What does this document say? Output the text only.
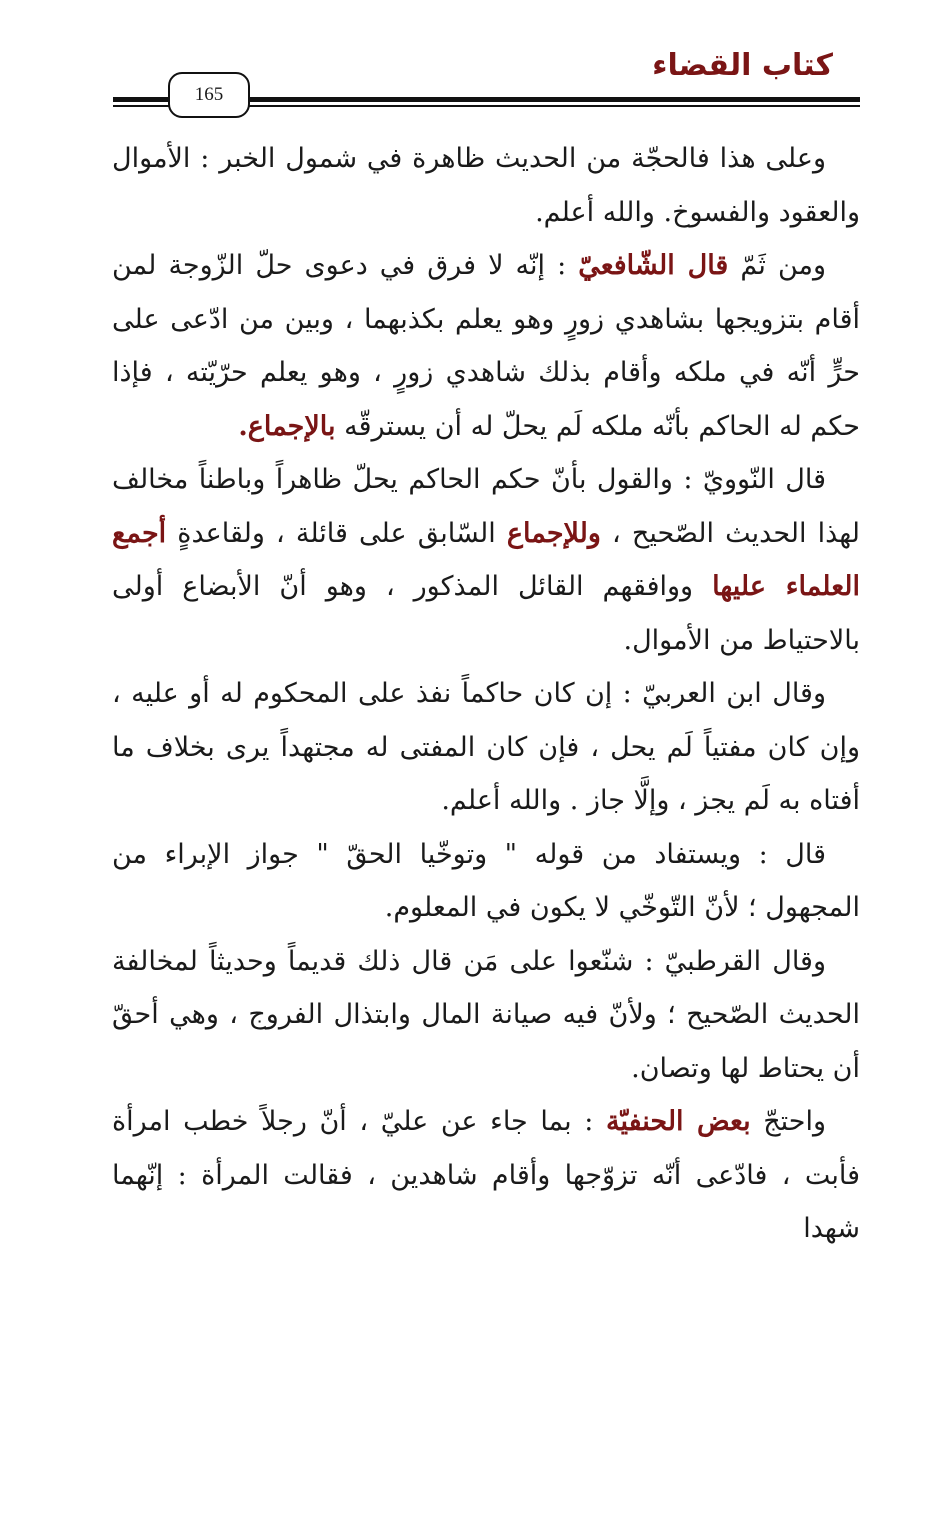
كتاب القضاء
165

وعلى هذا فالحجّة من الحديث ظاهرة في شمول الخبر : الأموال والعقود والفسوخ. والله أعلم.

ومن ثَمّ قال الشّافعيّ : إنّه لا فرق في دعوى حلّ الزّوجة لمن أقام بتزويجها بشاهدي زورٍ وهو يعلم بكذبهما ، وبين من ادّعى على حرٍّ أنّه في ملكه وأقام بذلك شاهدي زورٍ ، وهو يعلم حرّيّته ، فإذا حكم له الحاكم بأنّه ملكه لَم يحلّ له أن يسترقّه بالإجماع.

قال النّوويّ : والقول بأنّ حكم الحاكم يحلّ ظاهراً وباطناً مخالف لهذا الحديث الصّحيح ، وللإجماع السّابق على قائلة ، ولقاعدةٍ أجمع العلماء عليها ووافقهم القائل المذكور ، وهو أنّ الأبضاع أولى بالاحتياط من الأموال.

وقال ابن العربيّ : إن كان حاكماً نفذ على المحكوم له أو عليه ، وإن كان مفتياً لَم يحل ، فإن كان المفتى له مجتهداً يرى بخلاف ما أفتاه به لَم يجز ، وإلَّا جاز . والله أعلم.

قال : ويستفاد من قوله " وتوخّيا الحقّ " جواز الإبراء من المجهول ؛ لأنّ التّوخّي لا يكون في المعلوم.

وقال القرطبيّ : شنّعوا على مَن قال ذلك قديماً وحديثاً لمخالفة الحديث الصّحيح ؛ ولأنّ فيه صيانة المال وابتذال الفروج ، وهي أحقّ أن يحتاط لها وتصان.

واحتجّ بعض الحنفيّة : بما جاء عن عليّ ، أنّ رجلاً خطب امرأة فأبت ، فادّعى أنّه تزوّجها وأقام شاهدين ، فقالت المرأة : إنّهما شهدا
